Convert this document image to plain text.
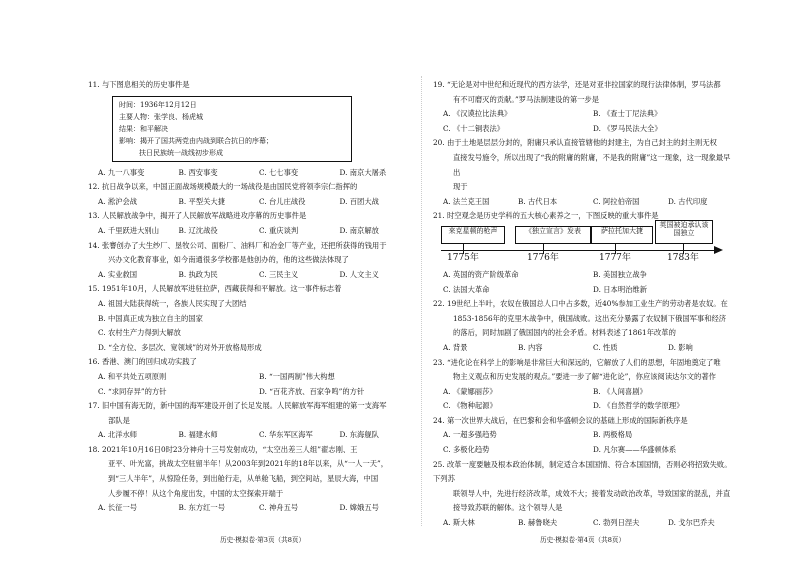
11. 与下图息相关的历史事件是

时间：1936年12月12日

主要人物：张学良、杨虎城

结果：和平解决

影响：揭开了国共两党由内战到联合抗日的序幕；

扶日民族统一战线初步形成

A. 九一八事变	B. 西安事变	C. 七七事变	D. 南京大屠杀

12. 抗日战争以来，中国正面战场规模最大的一场战役是由国民党将领李宗仁指挥的

A. 淞沪会战	B. 平型关大捷	C. 台儿庄战役	D. 百团大战

13. 人民解放战争中，揭开了人民解放军战略进攻序幕的历史事件是

A. 千里跃进大别山	B. 辽沈战役	C. 重庆谈判	D. 南京解放

14. 张謇创办了大生纱厂、垦牧公司、面粉厂、油料厂和冶金厂等产业，还把所获得的钱用于

兴办文化教育事业，如今南通很多学校都是他创办的，他的这些做法体现了

A. 实业救国	B. 执政为民	C. 三民主义	D. 人文主义

15. 1951年10月，人民解放军进驻拉萨，西藏获得和平解放。这一事件标志着

A. 祖国大陆获得统一，各族人民实现了大团结
B. 中国真正成为独立自主的国家
C. 农村生产力得到大解放
D. “全方位、多层次、宽领域”的对外开放格局形成

16. 香港、澳门的回归成功实践了

A. 和平共处五项原则	B. “一国两制”伟大构想
C. “求同存异”的方针	D. “百花齐放、百家争鸣”的方针

17. 旧中国有海无防，新中国的海军建设开创了长足发展。人民解放军海军组建的第一支海军

部队是

A. 北洋水师	B. 福建水师	C. 华东军区海军	D. 东海舰队

18. 2021年10月16日0时23分神舟十三号发射成功，“太空出差三人组”翟志刚、王

亚平、叶光富，挑战太空驻留半年！从2003年到2021年的18年以来，从“一人一天”，

到“三人半年”，从惊险任务，到出舱行走，从单舱飞船，到空间站，星辰大海，中国

人步履不停！从这个角度出发，中国的太空探索开端于

A. 长征一号	B. 东方红一号	C. 神舟五号	D. 嫦娥五号
历史·模拟卷·第3页（共8页）

19. “无论是对中世纪和近现代的西方法学，还是对亚非拉国家的现行法律体制，罗马法都

有不可磨灭的贡献。”罗马法制建设的第一步是

A. 《汉谟拉比法典》	B. 《查士丁尼法典》
C. 《十二铜表法》	D. 《罗马民法大全》

20. 由于土地是层层分封的，附庸只承认直接管辖他的封建主，为自己封主的封主则无权

直接发号施令，所以出现了“我的附庸的附庸，不是我的附庸”这一现象，这一现象最早出

现于

A. 法兰克王国	B. 古代日本	C. 阿拉伯帝国	D. 古代印度

21. 时空观念是历史学科的五大核心素养之一，下图反映的重大事件是

来克星顿的枪声	《独立宣言》发表	萨拉托加大捷
英国被迫承认该国独立
1775年	1776年	1777年	1783年
A. 英国的资产阶级革命	B. 美国独立战争
C. 法国大革命	D. 日本明治维新

22. 19世纪上半叶，农奴在俄国总人口中占多数，近40%参加工业生产的劳动者是农奴。在

1853-1856年的克里木战争中，俄国战败。这出充分暴露了农奴制下俄国军事和经济

的落后，同时加剧了俄国国内的社会矛盾。材料表述了1861年改革的

A. 背景	B. 内容	C. 性质	D. 影响

23. “进化论在科学上的影响是非常巨大和深远的，它解放了人们的思想，年固地奠定了唯

物主义观点和历史发展的观点。”要进一步了解“进化论”，你应该阅读达尔文的著作

A. 《蒙娜丽莎》	B. 《人间喜剧》
C. 《物种起源》	D. 《自然哲学的数学原理》

24. 第一次世界大战后，在巴黎和会和华盛顿会议的基础上形成的国际新秩序是

A. 一超多强趋势	B. 两极格局
C. 多极化趋势	D. 凡尔赛——华盛顿体系

25. 改革一度要触及根本政治体制，制定适合本国国情、符合本国国情，否则必将招致失败。下列苏

联领导人中，先进行经济改革，成效不大；接着发动政治改革，导致国家的混乱，并直

接导致苏联的解体。这个领导人是

A. 斯大林	B. 赫鲁晓夫	C. 勃列日涅夫	D. 戈尔巴乔夫
历史·模拟卷·第4页（共8页）
